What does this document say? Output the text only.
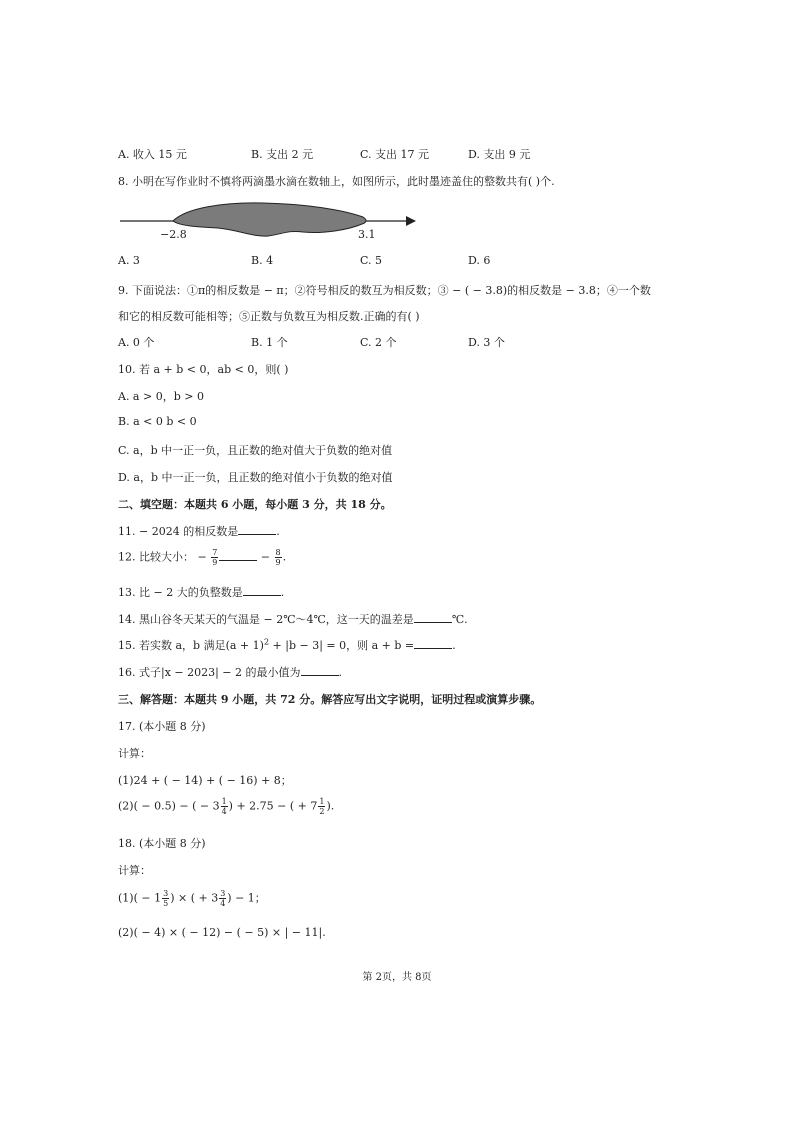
A. 收入 15 元	B. 支出 2 元	C. 支出 17 元	D. 支出 9 元
8. 小明在写作业时不慎将两滴墨水滴在数轴上，如图所示，此时墨迹盖住的整数共有( )个.
−2.8	3.1
A. 3	B. 4	C. 5	D. 6
9. 下面说法：①π的相反数是 − π；②符号相反的数互为相反数；③ − ( − 3.8)的相反数是 − 3.8；④一个数
和它的相反数可能相等；⑤正数与负数互为相反数.正确的有( )
A. 0 个	B. 1 个	C. 2 个	D. 3 个
10. 若 a + b < 0，ab < 0，则( )
A. a > 0，b > 0
B. a < 0 b < 0
C. a，b 中一正一负，且正数的绝对值大于负数的绝对值
D. a，b 中一正一负，且正数的绝对值小于负数的绝对值
二、填空题：本题共 6 小题，每小题 3 分，共 18 分。
11. − 2024 的相反数是	.
12. 比较大小： − $\frac{7}{9}$	− $\frac{8}{9}$ .
13. 比 − 2 大的负整数是	.
14. 黑山谷冬天某天的气温是 − 2℃～4℃，这一天的温差是	℃.
15. 若实数 a，b 满足$(a + 1)^2 + |b - 3| = 0$，则 a + b =	.
16. 式子|x − 2023| − 2 的最小值为	.
三、解答题：本题共 9 小题，共 72 分。解答应写出文字说明，证明过程或演算步骤。
17. (本小题 8 分)
计算：
(1)24 + ( − 14) + ( − 16) + 8；
(2)( − 0.5) − ( − $3 \frac{1}{4}$ ) + 2.75 − ( + $7 \frac{1}{2}$ ).
18. (本小题 8 分)
计算：
$(1)( - 1 \frac{3}{5}$ ) × ( + $3 \frac{3}{4}$ ) − 1；
(2)( − 4) × ( − 12) − ( − 5) × | − 11|.
第 2页，共 8页
